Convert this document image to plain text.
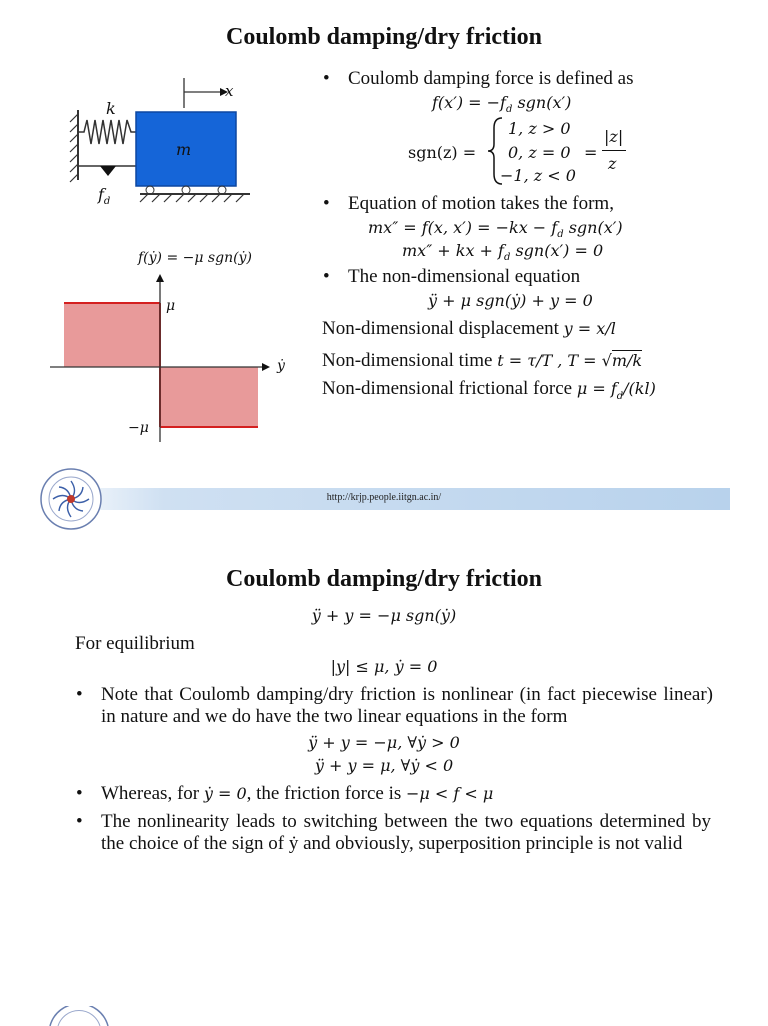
Coulomb damping/dry friction
k
m
x
$f_d$
f(ẏ) = −μ sgn(ẏ)
μ
−μ
ẏ
• Coulomb damping force is defined as
$f(x') = -f_d$ sgn(x′)
sgn(z) =
1, z > 0
0, z = 0
−1, z < 0
=
|z|
z
• Equation of motion takes the form,
mx″ = f(x, $x') = -kx - f_d$ sgn(x′)
mx″ + kx + $f_d$ sgn(x′) = 0
• The non-dimensional equation
ÿ + μ sgn(ẏ) + y = 0
Non-dimensional displacement y = x/l
Non-dimensional time t = τ/T , T = √m/k
Non-dimensional frictional force $\mu = f_d/(kl)$
http://krjp.people.iitgn.ac.in/
Coulomb damping/dry friction
ÿ + y = −μ sgn(ẏ)
For equilibrium
|y| ≤ μ, ẏ = 0
• Note that Coulomb damping/dry friction is nonlinear (in fact piecewise linear) in nature and we do have the two linear equations in the form
ÿ + y = −μ, ∀ẏ > 0
ÿ + y = μ, ∀ẏ < 0
• Whereas, for ẏ = 0, the friction force is −μ < f < μ
• The nonlinearity leads to switching between the two equations determined by the choice of the sign of ẏ and obviously, superposition principle is not valid
